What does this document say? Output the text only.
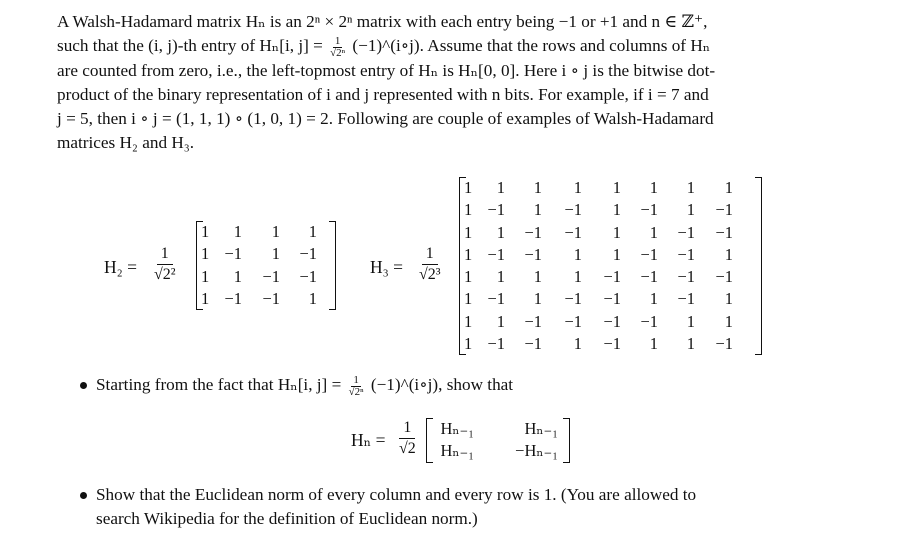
A Walsh-Hadamard matrix Hₙ is an 2ⁿ × 2ⁿ matrix with each entry being −1 or +1 and n ∈ ℤ⁺,

such that the (i, j)-th entry of Hₙ[i, $j] = \frac{1}{\text{√2ⁿ}}$ (−1)^(i∘j). Assume that the rows and columns of Hₙ

are counted from zero, i.e., the left-topmost entry of Hₙ is Hₙ[0, 0]. Here i ∘ j is the bitwise dot-

product of the binary representation of i and j represented with n bits. For example, if i = 7 and

j = 5, then i ∘ j = (1, 1, 1) ∘ (1, 0, 1) = 2. Following are couple of examples of Walsh-Hadamard

matrices H₂ and H₃.

$H_2 = \frac{1}{\text{√2²}}$
1	1	1	1
1 −1	1	−1
1	1	−1	−1
1 −1	−1	1
$H_3 = \frac{1}{\text{√2³}}$
1	1	1	1	1	1	1	1
1 −1	1	−1	1	−1	1	−1
1	1	−1	−1	1	1	−1	−1
1 −1	−1	1	1	−1	−1	1
1	1	1	1	−1	−1	−1	−1
1 −1	1	−1	−1	1	−1	1
1	1	−1	−1	−1	−1	1	1
1 −1	−1	1	−1	1	1	−1
Starting from the fact that Hₙ[i, $j] = \frac{1}{\text{√2ⁿ}}$ (−1)^(i∘j), show that
$H_n = \frac{1}{√2}$	Hₙ₋₁	Hₙ₋₁
Hₙ₋₁	−Hₙ₋₁
Show that the Euclidean norm of every column and every row is 1. (You are allowed to
search Wikipedia for the definition of Euclidean norm.)
